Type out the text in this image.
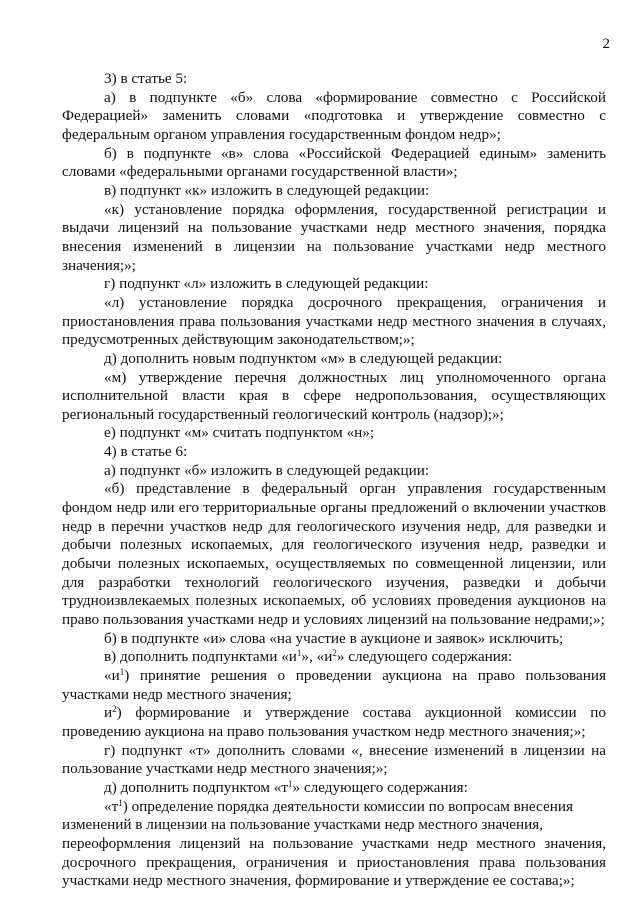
2

3) в статье 5:

а) в подпункте «б» слова «формирование совместно с Российской Федерацией» заменить словами «подготовка и утверждение совместно с федеральным органом управления государственным фондом недр»;

б) в подпункте «в» слова «Российской Федерацией единым» заменить словами «федеральными органами государственной власти»;

в) подпункт «к» изложить в следующей редакции:

«к) установление порядка оформления, государственной регистрации и выдачи лицензий на пользование участками недр местного значения, порядка внесения изменений в лицензии на пользование участками недр местного значения;»;

г) подпункт «л» изложить в следующей редакции:

«л) установление порядка досрочного прекращения, ограничения и приостановления права пользования участками недр местного значения в случаях, предусмотренных действующим законодательством;»;

д) дополнить новым подпунктом «м» в следующей редакции:

«м) утверждение перечня должностных лиц уполномоченного органа исполнительной власти края в сфере недропользования, осуществляющих региональный государственный геологический контроль (надзор);»;

е) подпункт «м» считать подпунктом «н»;

4) в статье 6:

а) подпункт «б» изложить в следующей редакции:

«б) представление в федеральный орган управления государственным фондом недр или его территориальные органы предложений о включении участков недр в перечни участков недр для геологического изучения недр, для разведки и добычи полезных ископаемых, для геологического изучения недр, разведки и добычи полезных ископаемых, осуществляемых по совмещенной лицензии, или для разработки технологий геологического изучения, разведки и добычи трудноизвлекаемых полезных ископаемых, об условиях проведения аукционов на право пользования участками недр и условиях лицензий на пользование недрами;»;

б) в подпункте «и» слова «на участие в аукционе и заявок» исключить;

в) дополнить подпунктами «$и^1$», «$и^2$» следующего содержания:

«$и^1$) принятие решения о проведении аукциона на право пользования участками недр местного значения;

$и^2$) формирование и утверждение состава аукционной комиссии по проведению аукциона на право пользования участком недр местного значения;»;

г) подпункт «т» дополнить словами «, внесение изменений в лицензии на пользование участками недр местного значения;»;

д) дополнить подпунктом «$т^1$» следующего содержания:

«$т^1$) определение порядка деятельности комиссии по вопросам внесения изменений в лицензии на пользование участками недр местного значения,

переоформления лицензий на пользование участками недр местного значения, досрочного прекращения, ограничения и приостановления права пользования участками недр местного значения, формирование и утверждение ее состава;»;
